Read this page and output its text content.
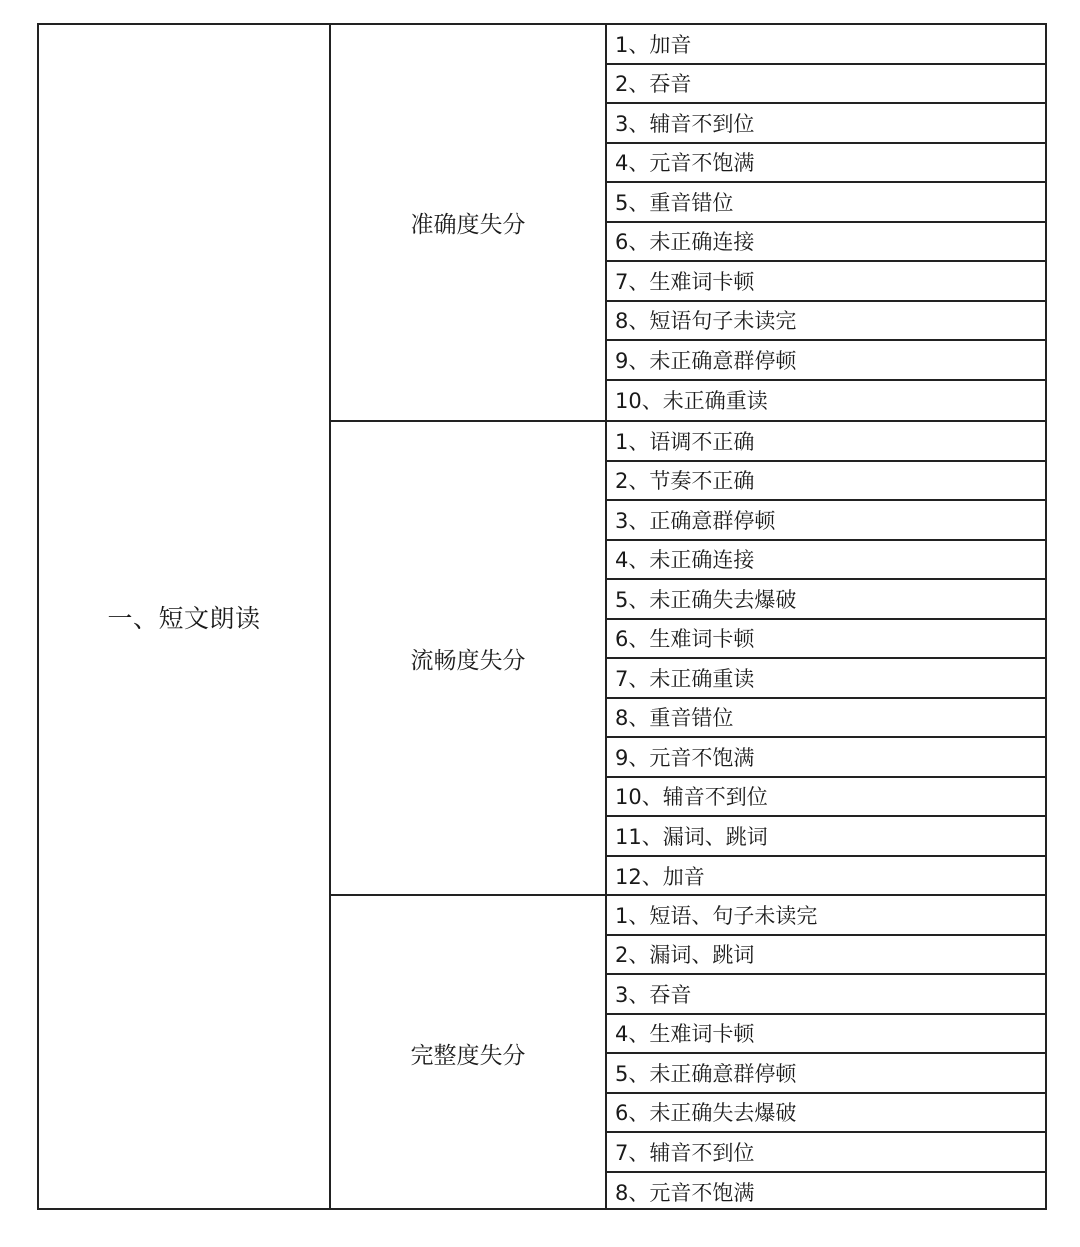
一、短文朗读
准确度失分
1、加音
2、吞音
3、辅音不到位
4、元音不饱满
5、重音错位
6、未正确连接
7、生难词卡顿
8、短语句子未读完
9、未正确意群停顿
10、未正确重读
流畅度失分
1、语调不正确
2、节奏不正确
3、正确意群停顿
4、未正确连接
5、未正确失去爆破
6、生难词卡顿
7、未正确重读
8、重音错位
9、元音不饱满
10、辅音不到位
11、漏词、跳词
12、加音
完整度失分
1、短语、句子未读完
2、漏词、跳词
3、吞音
4、生难词卡顿
5、未正确意群停顿
6、未正确失去爆破
7、辅音不到位
8、元音不饱满
